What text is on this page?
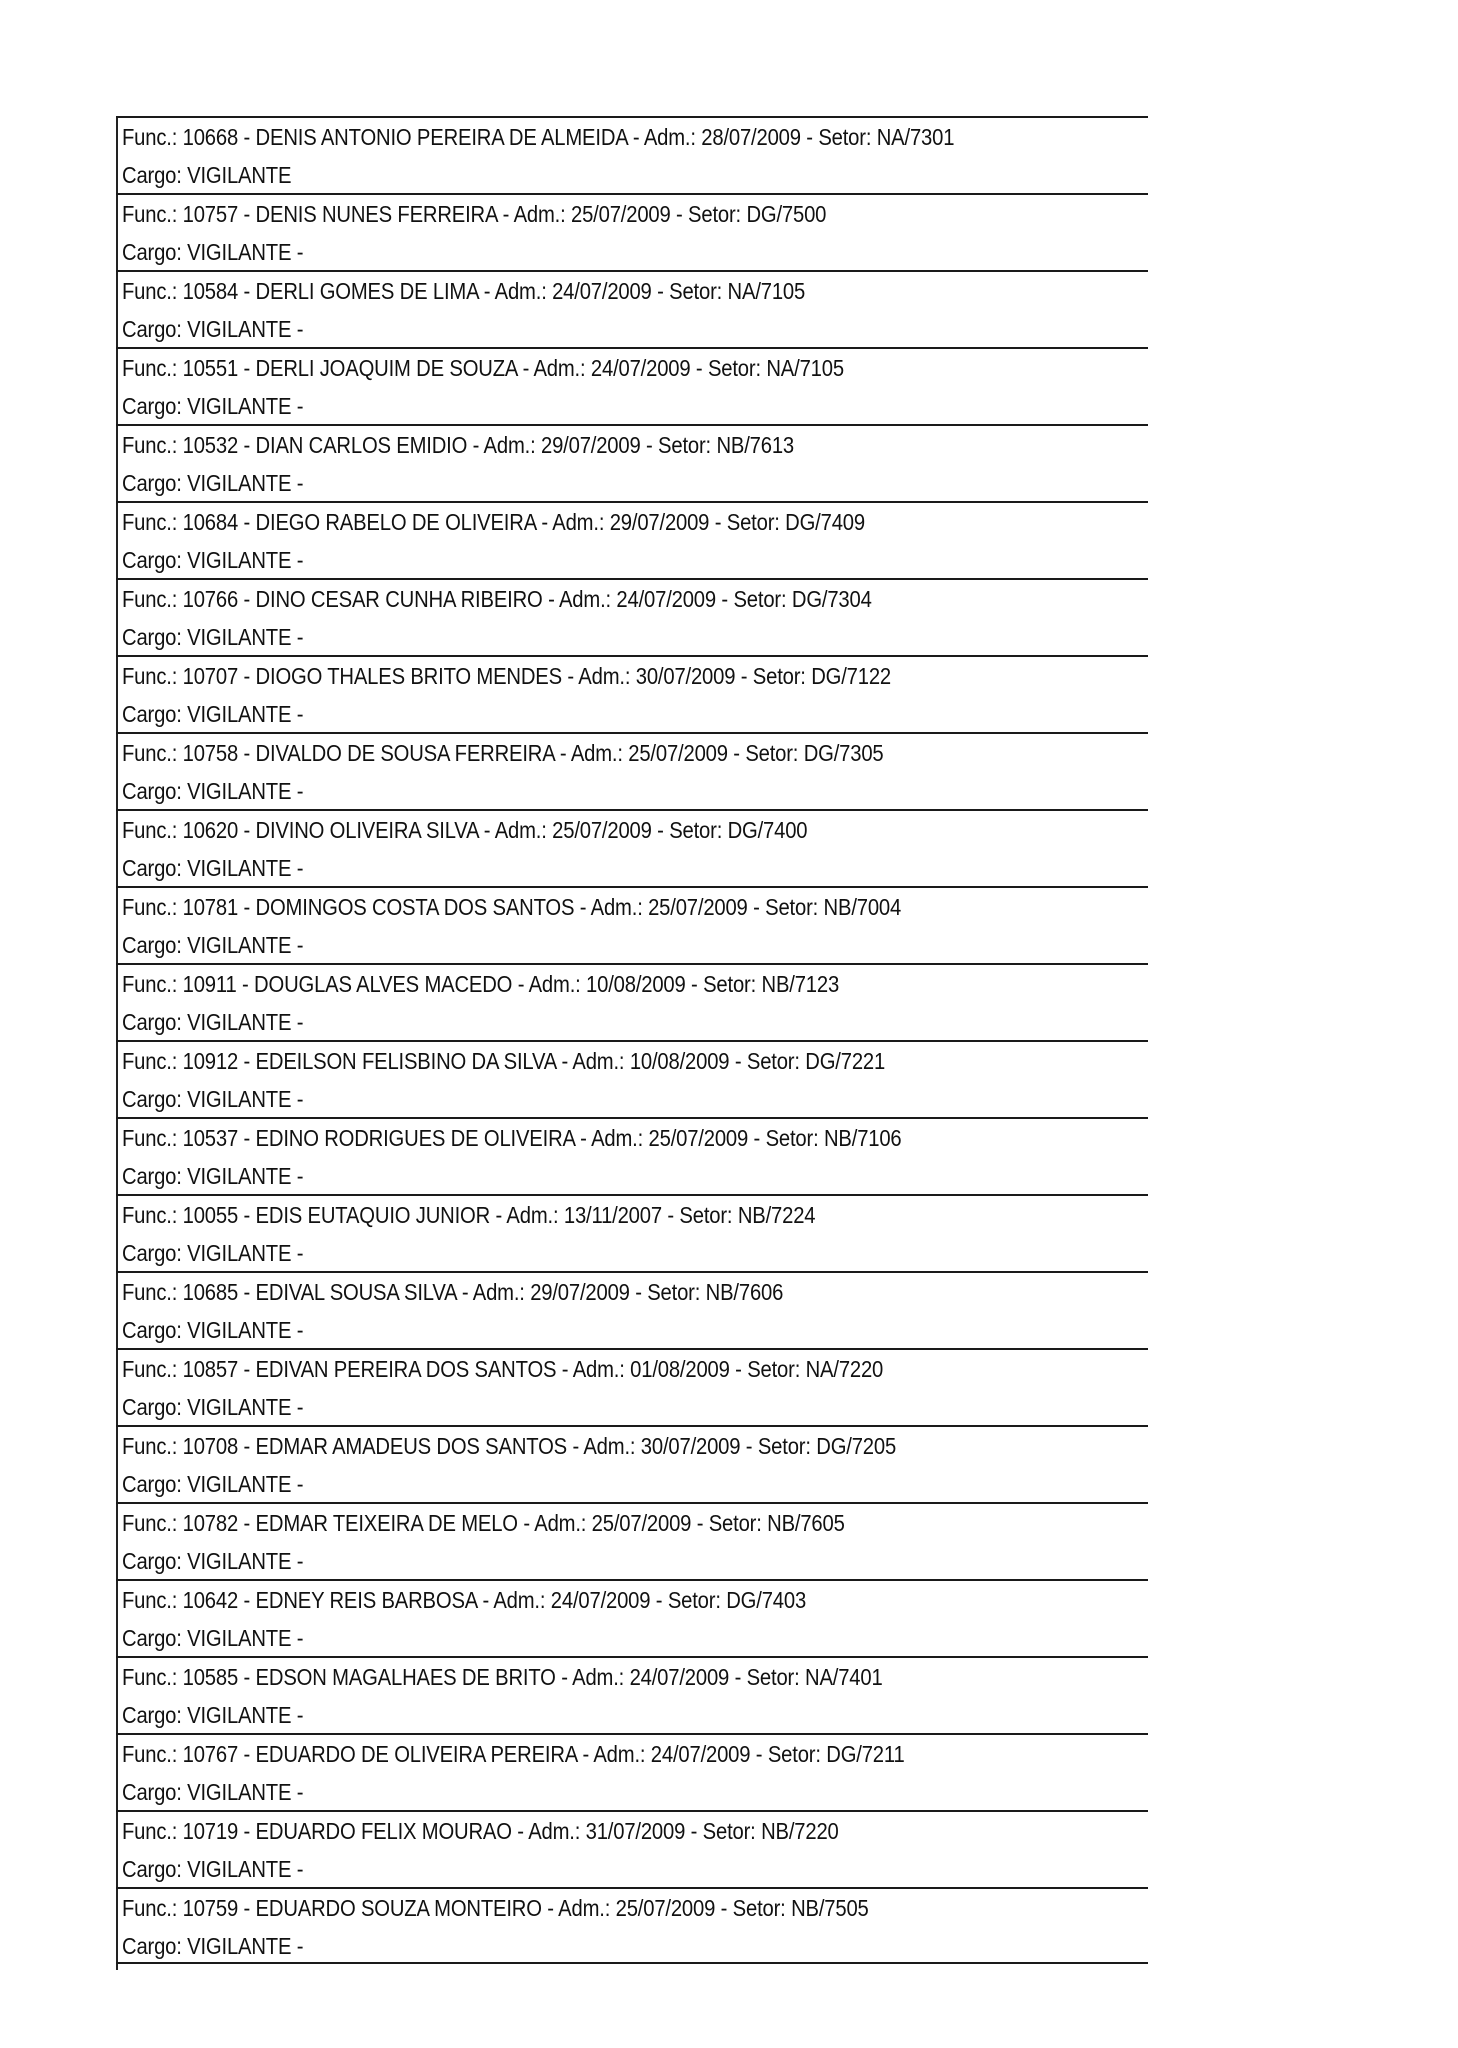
Func.: 10668 - DENIS ANTONIO PEREIRA DE ALMEIDA - Adm.: 28/07/2009 - Setor: NA/7301
Cargo: VIGILANTE
Func.: 10757 - DENIS NUNES FERREIRA - Adm.: 25/07/2009 - Setor: DG/7500
Cargo: VIGILANTE -
Func.: 10584 - DERLI GOMES DE LIMA - Adm.: 24/07/2009 - Setor: NA/7105
Cargo: VIGILANTE -
Func.: 10551 - DERLI JOAQUIM DE SOUZA - Adm.: 24/07/2009 - Setor: NA/7105
Cargo: VIGILANTE -
Func.: 10532 - DIAN CARLOS EMIDIO - Adm.: 29/07/2009 - Setor: NB/7613
Cargo: VIGILANTE -
Func.: 10684 - DIEGO RABELO DE OLIVEIRA - Adm.: 29/07/2009 - Setor: DG/7409
Cargo: VIGILANTE -
Func.: 10766 - DINO CESAR CUNHA RIBEIRO - Adm.: 24/07/2009 - Setor: DG/7304
Cargo: VIGILANTE -
Func.: 10707 - DIOGO THALES BRITO MENDES - Adm.: 30/07/2009 - Setor: DG/7122
Cargo: VIGILANTE -
Func.: 10758 - DIVALDO DE SOUSA FERREIRA - Adm.: 25/07/2009 - Setor: DG/7305
Cargo: VIGILANTE -
Func.: 10620 - DIVINO OLIVEIRA SILVA - Adm.: 25/07/2009 - Setor: DG/7400
Cargo: VIGILANTE -
Func.: 10781 - DOMINGOS COSTA DOS SANTOS - Adm.: 25/07/2009 - Setor: NB/7004
Cargo: VIGILANTE -
Func.: 10911 - DOUGLAS ALVES MACEDO - Adm.: 10/08/2009 - Setor: NB/7123
Cargo: VIGILANTE -
Func.: 10912 - EDEILSON FELISBINO DA SILVA - Adm.: 10/08/2009 - Setor: DG/7221
Cargo: VIGILANTE -
Func.: 10537 - EDINO RODRIGUES DE OLIVEIRA - Adm.: 25/07/2009 - Setor: NB/7106
Cargo: VIGILANTE -
Func.: 10055 - EDIS EUTAQUIO JUNIOR - Adm.: 13/11/2007 - Setor: NB/7224
Cargo: VIGILANTE -
Func.: 10685 - EDIVAL SOUSA SILVA - Adm.: 29/07/2009 - Setor: NB/7606
Cargo: VIGILANTE -
Func.: 10857 - EDIVAN PEREIRA DOS SANTOS - Adm.: 01/08/2009 - Setor: NA/7220
Cargo: VIGILANTE -
Func.: 10708 - EDMAR AMADEUS DOS SANTOS - Adm.: 30/07/2009 - Setor: DG/7205
Cargo: VIGILANTE -
Func.: 10782 - EDMAR TEIXEIRA DE MELO - Adm.: 25/07/2009 - Setor: NB/7605
Cargo: VIGILANTE -
Func.: 10642 - EDNEY REIS BARBOSA - Adm.: 24/07/2009 - Setor: DG/7403
Cargo: VIGILANTE -
Func.: 10585 - EDSON MAGALHAES DE BRITO - Adm.: 24/07/2009 - Setor: NA/7401
Cargo: VIGILANTE -
Func.: 10767 - EDUARDO DE OLIVEIRA PEREIRA - Adm.: 24/07/2009 - Setor: DG/7211
Cargo: VIGILANTE -
Func.: 10719 - EDUARDO FELIX MOURAO - Adm.: 31/07/2009 - Setor: NB/7220
Cargo: VIGILANTE -
Func.: 10759 - EDUARDO SOUZA MONTEIRO - Adm.: 25/07/2009 - Setor: NB/7505
Cargo: VIGILANTE -
